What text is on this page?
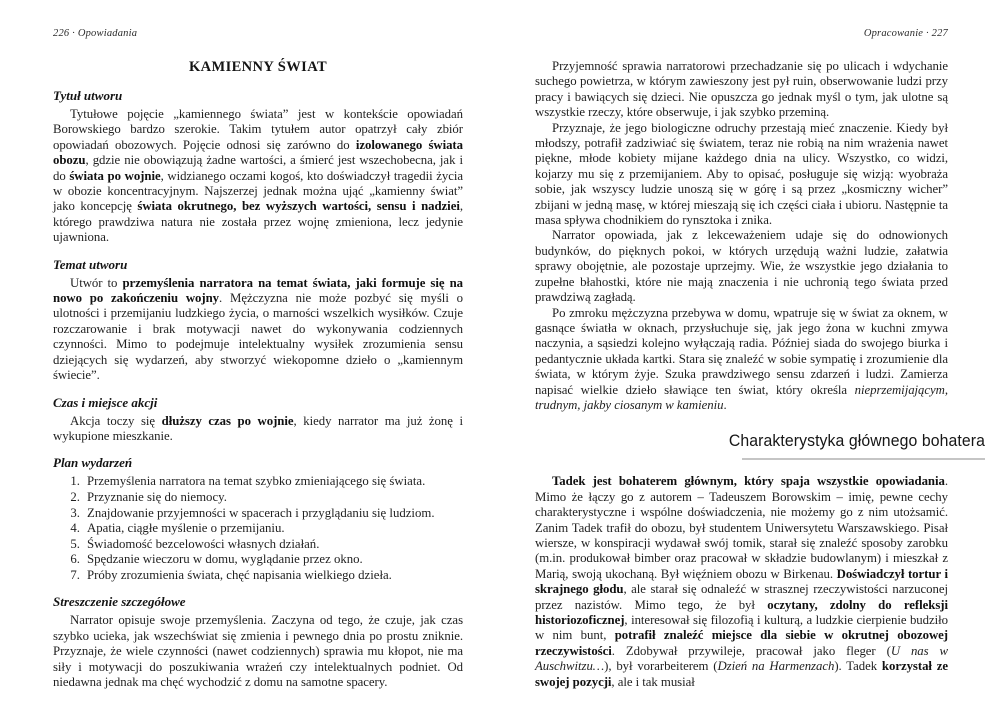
226 · Opowiadania
KAMIENNY ŚWIAT
Tytuł utworu

Tytułowe pojęcie „kamiennego świata” jest w kontekście opowiadań Borowskiego bardzo szerokie. Takim tytułem autor opatrzył cały zbiór opowiadań obozowych. Pojęcie odnosi się zarówno do izolowanego świata obozu, gdzie nie obowiązują żadne wartości, a śmierć jest wszechobecna, jak i do świata po wojnie, widzianego oczami kogoś, kto doświadczył tragedii życia w obozie koncentracyjnym. Najszerzej jednak można ująć „kamienny świat” jako koncepcję świata okrutnego, bez wyższych wartości, sensu i nadziei, którego prawdziwa natura nie została przez wojnę zmieniona, lecz jedynie ujawniona.

Temat utworu

Utwór to przemyślenia narratora na temat świata, jaki formuje się na nowo po zakończeniu wojny. Mężczyzna nie może pozbyć się myśli o ulotności i przemijaniu ludzkiego życia, o marności wszelkich wysiłków. Czuje rozczarowanie i brak motywacji nawet do wykonywania codziennych czynności. Mimo to podejmuje intelektualny wysiłek zrozumienia sensu dziejących się wydarzeń, aby stworzyć wiekopomne dzieło o „kamiennym świecie”.

Czas i miejsce akcji

Akcja toczy się dłuższy czas po wojnie, kiedy narrator ma już żonę i wykupione mieszkanie.

Plan wydarzeń
1. Przemyślenia narratora na temat szybko zmieniającego się świata.
2. Przyznanie się do niemocy.
3. Znajdowanie przyjemności w spacerach i przyglądaniu się ludziom.
4. Apatia, ciągłe myślenie o przemijaniu.
5. Świadomość bezcelowości własnych działań.
6. Spędzanie wieczoru w domu, wyglądanie przez okno.
7. Próby zrozumienia świata, chęć napisania wielkiego dzieła.
Streszczenie szczegółowe

Narrator opisuje swoje przemyślenia. Zaczyna od tego, że czuje, jak czas szybko ucieka, jak wszechświat się zmienia i pewnego dnia po prostu zniknie. Przyznaje, że wiele czynności (nawet codziennych) sprawia mu kłopot, nie ma siły i motywacji do poszukiwania wrażeń czy intelektualnych podniet. Od niedawna jednak ma chęć wychodzić z domu na samotne spacery.

Opracowanie · 227

Przyjemność sprawia narratorowi przechadzanie się po ulicach i wdychanie suchego powietrza, w którym zawieszony jest pył ruin, obserwowanie ludzi przy pracy i bawiących się dzieci. Nie opuszcza go jednak myśl o tym, jak ulotne są wszystkie rzeczy, które obserwuje, i jak szybko przeminą.

Przyznaje, że jego biologiczne odruchy przestają mieć znaczenie. Kiedy był młodszy, potrafił zadziwiać się światem, teraz nie robią na nim wrażenia nawet piękne, młode kobiety mijane każdego dnia na ulicy. Wszystko, co widzi, kojarzy mu się z przemijaniem. Aby to opisać, posługuje się wizją: wyobraża sobie, jak wszyscy ludzie unoszą się w górę i są przez „kosmiczny wicher” zbijani w jedną masę, w której mieszają się ich części ciała i ubioru. Następnie ta masa spływa chodnikiem do rynsztoka i znika.

Narrator opowiada, jak z lekceważeniem udaje się do odnowionych budynków, do pięknych pokoi, w których urzędują ważni ludzie, załatwia sprawy obojętnie, ale pozostaje uprzejmy. Wie, że wszystkie jego działania to zupełne błahostki, które nie mają znaczenia i nie uchronią tego świata przed prawdziwą zagładą.

Po zmroku mężczyzna przebywa w domu, wpatruje się w świat za oknem, w gasnące światła w oknach, przysłuchuje się, jak jego żona w kuchni zmywa naczynia, a sąsiedzi kolejno wyłączają radia. Później siada do swojego biurka i pedantycznie układa kartki. Stara się znaleźć w sobie sympatię i zrozumienie dla świata, w którym żyje. Szuka prawdziwego sensu zdarzeń i ludzi. Zamierza napisać wielkie dzieło sławiące ten świat, który określa nieprzemijającym, trudnym, jakby ciosanym w kamieniu.

Charakterystyka głównego bohatera

Tadek jest bohaterem głównym, który spaja wszystkie opowiadania. Mimo że łączy go z autorem – Tadeuszem Borowskim – imię, pewne cechy charakterystyczne i wspólne doświadczenia, nie możemy go z nim utożsamić. Zanim Tadek trafił do obozu, był studentem Uniwersytetu Warszawskiego. Pisał wiersze, w konspiracji wydawał swój tomik, starał się znaleźć sposoby zarobku (m.in. produkował bimber oraz pracował w składzie budowlanym) i mieszkał z Marią, swoją ukochaną. Był więźniem obozu w Birkenau. Doświadczył tortur i skrajnego głodu, ale starał się odnaleźć w strasznej rzeczywistości narzuconej przez nazistów. Mimo tego, że był oczytany, zdolny do refleksji historiozoficznej, interesował się filozofią i kulturą, a ludzkie cierpienie budziło w nim bunt, potrafił znaleźć miejsce dla siebie w okrutnej obozowej rzeczywistości. Zdobywał przywileje, pracował jako fleger (U nas w Auschwitzu…), był vorarbeiterem (Dzień na Harmenzach). Tadek korzystał ze swojej pozycji, ale i tak musiał
